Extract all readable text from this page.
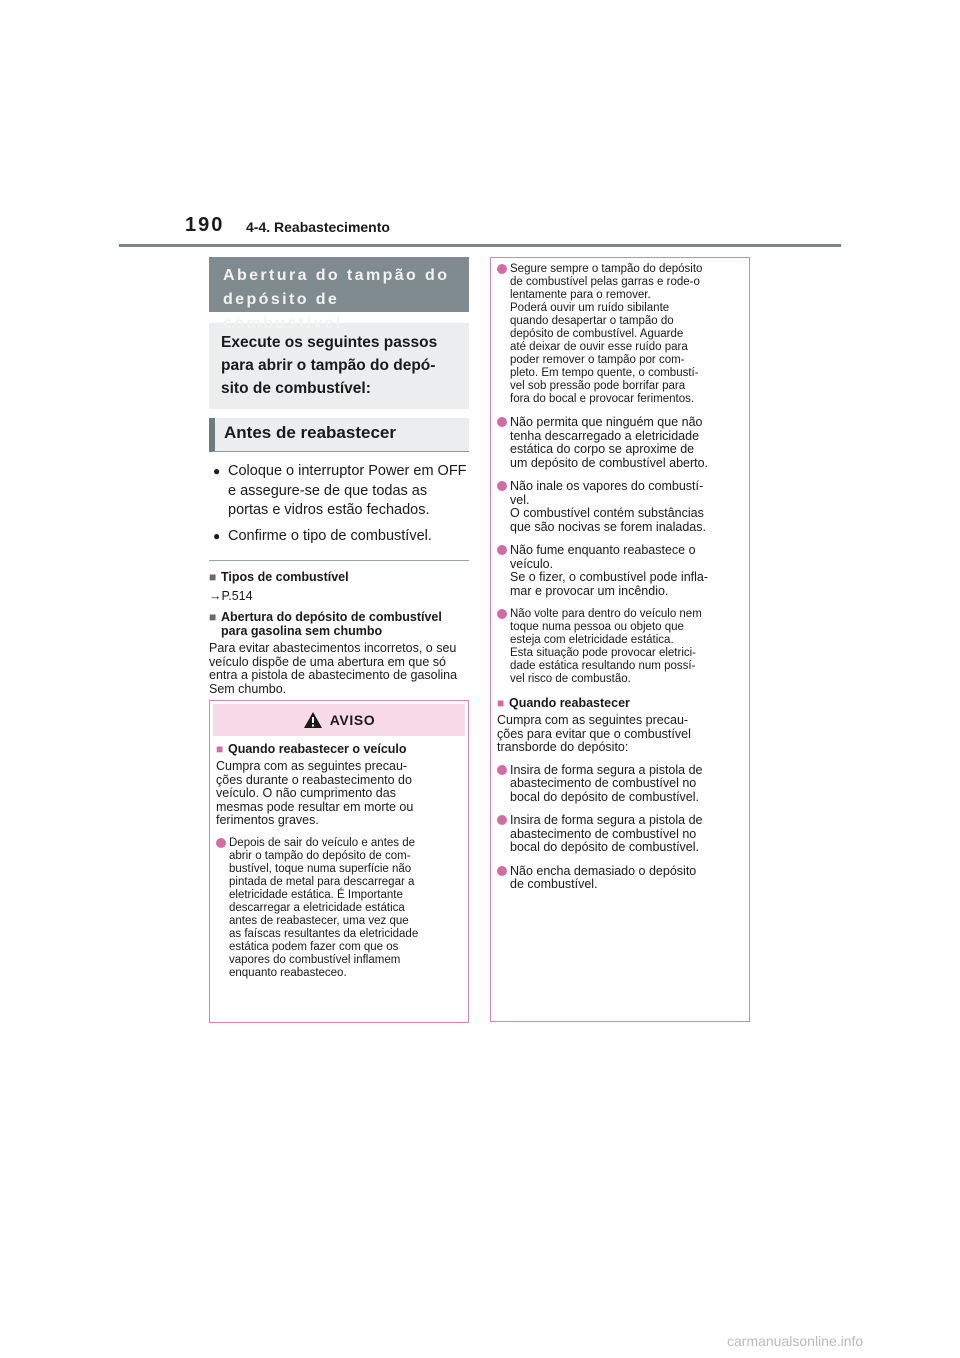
190 4-4. Reabastecimento
Abertura do tampão do depósito de combustível
Execute os seguintes passos para abrir o tampão do depó-sito de combustível:
Antes de reabastecer
● Coloque o interruptor Power em OFF e assegure-se de que todas as portas e vidros estão fechados.
● Confirme o tipo de combustível.
■ Tipos de combustível
→P.514
■ Abertura do depósito de combustível para gasolina sem chumbo

Para evitar abastecimentos incorretos, o seu veículo dispõe de uma abertura em que só entra a pistola de abastecimento de gasolina Sem chumbo.

AVISO
■ Quando reabastecer o veículo
Cumpra com as seguintes precau-
ções durante o reabastecimento do
veículo. O não cumprimento das
mesmas pode resultar em morte ou
ferimentos graves.
Depois de sair do veículo e antes de
abrir o tampão do depósito de com-
bustível, toque numa superfície não
pintada de metal para descarregar a
eletricidade estática. É Importante
descarregar a eletricidade estática
antes de reabastecer, uma vez que
as faíscas resultantes da eletricidade
estática podem fazer com que os
vapores do combustível inflamem
enquanto reabasteceo.
Segure sempre o tampão do depósito
de combustível pelas garras e rode-o
lentamente para o remover.
Poderá ouvir um ruído sibilante
quando desapertar o tampão do
depósito de combustível. Aguarde
até deixar de ouvir esse ruído para
poder remover o tampão por com-
pleto. Em tempo quente, o combustí-
vel sob pressão pode borrifar para
fora do bocal e provocar ferimentos.
Não permita que ninguém que não
tenha descarregado a eletricidade
estática do corpo se aproxime de
um depósito de combustível aberto.
Não inale os vapores do combustí-
vel.
O combustível contém substâncias
que são nocivas se forem inaladas.
Não fume enquanto reabastece o
veículo.
Se o fizer, o combustível pode infla-
mar e provocar um incêndio.
Não volte para dentro do veículo nem
toque numa pessoa ou objeto que
esteja com eletricidade estática.
Esta situação pode provocar eletrici-
dade estática resultando num possí-
vel risco de combustão.
■ Quando reabastecer
Cumpra com as seguintes precau-
ções para evitar que o combustível
transborde do depósito:
Insira de forma segura a pistola de
abastecimento de combustível no
bocal do depósito de combustível.
Insira de forma segura a pistola de
abastecimento de combustível no
bocal do depósito de combustível.
Não encha demasiado o depósito
de combustível.
carmanualsonline.info
